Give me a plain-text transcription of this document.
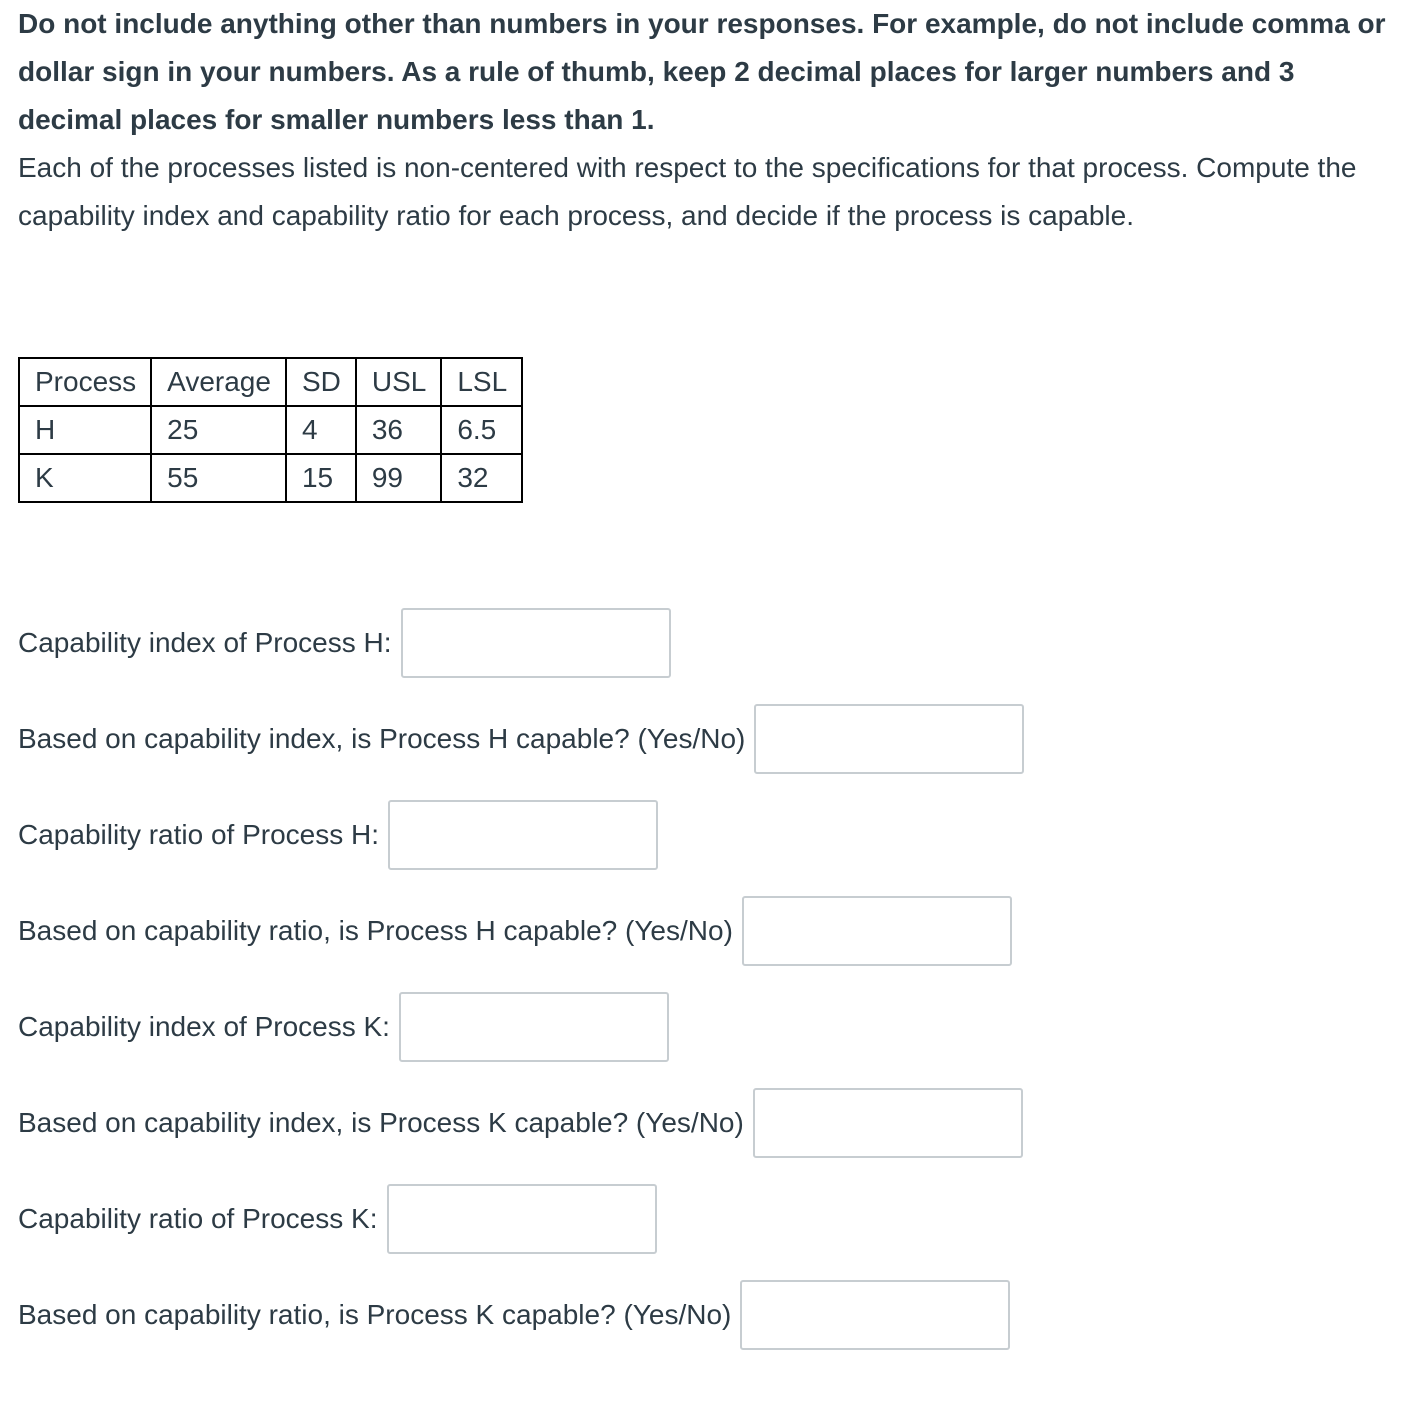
Do not include anything other than numbers in your responses. For example, do not include comma or dollar sign in your numbers. As a rule of thumb, keep 2 decimal places for larger numbers and 3 decimal places for smaller numbers less than 1.

Each of the processes listed is non-centered with respect to the specifications for that process. Compute the capability index and capability ratio for each process, and decide if the process is capable.

Process	Average	SD	USL	LSL
H	25	4	36	6.5
K	55	15	99	32
Capability index of Process H:
Based on capability index, is Process H capable? (Yes/No)
Capability ratio of Process H:
Based on capability ratio, is Process H capable? (Yes/No)
Capability index of Process K:
Based on capability index, is Process K capable? (Yes/No)
Capability ratio of Process K:
Based on capability ratio, is Process K capable? (Yes/No)
